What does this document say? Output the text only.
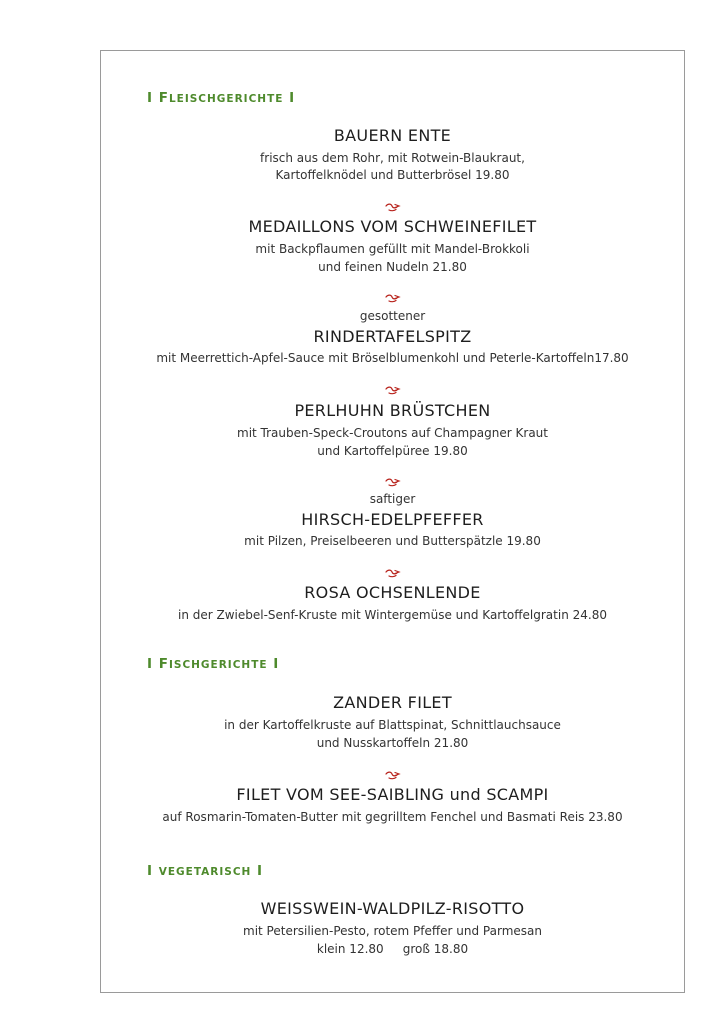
I FLEISCHGERICHTE I
BAUERN ENTE
frisch aus dem Rohr, mit Rotwein-Blaukraut,
Kartoffelknödel und Butterbrösel 19.80
MEDAILLONS VOM SCHWEINEFILET
mit Backpflaumen gefüllt mit Mandel-Brokkoli
und feinen Nudeln 21.80
gesottener
RINDERTAFELSPITZ
mit Meerrettich-Apfel-Sauce mit Bröselblumenkohl und Peterle-Kartoffeln17.80
PERLHUHN BRÜSTCHEN
mit Trauben-Speck-Croutons auf Champagner Kraut
und Kartoffelpüree 19.80
saftiger
HIRSCH-EDELPFEFFER
mit Pilzen, Preiselbeeren und Butterspätzle 19.80
ROSA OCHSENLENDE
in der Zwiebel-Senf-Kruste mit Wintergemüse und Kartoffelgratin 24.80
I FISCHGERICHTE I
ZANDER FILET
in der Kartoffelkruste auf Blattspinat, Schnittlauchsauce
und Nusskartoffeln 21.80
FILET VOM SEE-SAIBLING und SCAMPI
auf Rosmarin-Tomaten-Butter mit gegrilltem Fenchel und Basmati Reis 23.80
I VEGETARISCH I
WEISSWEIN-WALDPILZ-RISOTTO
mit Petersilien-Pesto, rotem Pfeffer und Parmesan
klein 12.80     groß 18.80
